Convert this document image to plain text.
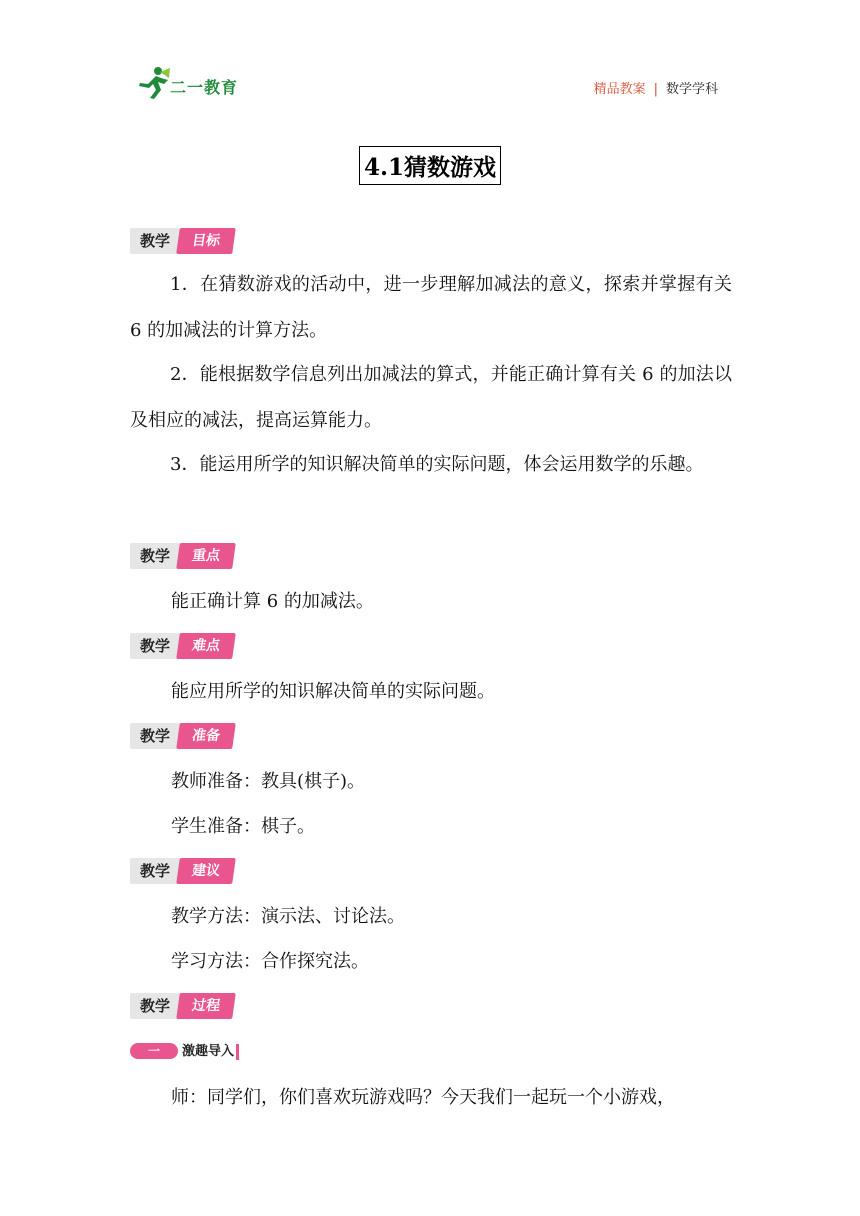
二一教育	精品教案 | 数学学科
4.1猜数游戏
教学	目标
1．在猜数游戏的活动中，进一步理解加减法的意义，探索并掌握有关 6 的加减法的计算方法。
2．能根据数学信息列出加减法的算式，并能正确计算有关 6 的加法以及相应的减法，提高运算能力。
3．能运用所学的知识解决简单的实际问题，体会运用数学的乐趣。
教学	重点
能正确计算 6 的加减法。
教学	难点
能应用所学的知识解决简单的实际问题。
教学	准备
教师准备：教具(棋子)。
学生准备：棋子。
教学	建议
教学方法：演示法、讨论法。
学习方法：合作探究法。
教学	过程
一	激趣导入
师：同学们，你们喜欢玩游戏吗？今天我们一起玩一个小游戏，
